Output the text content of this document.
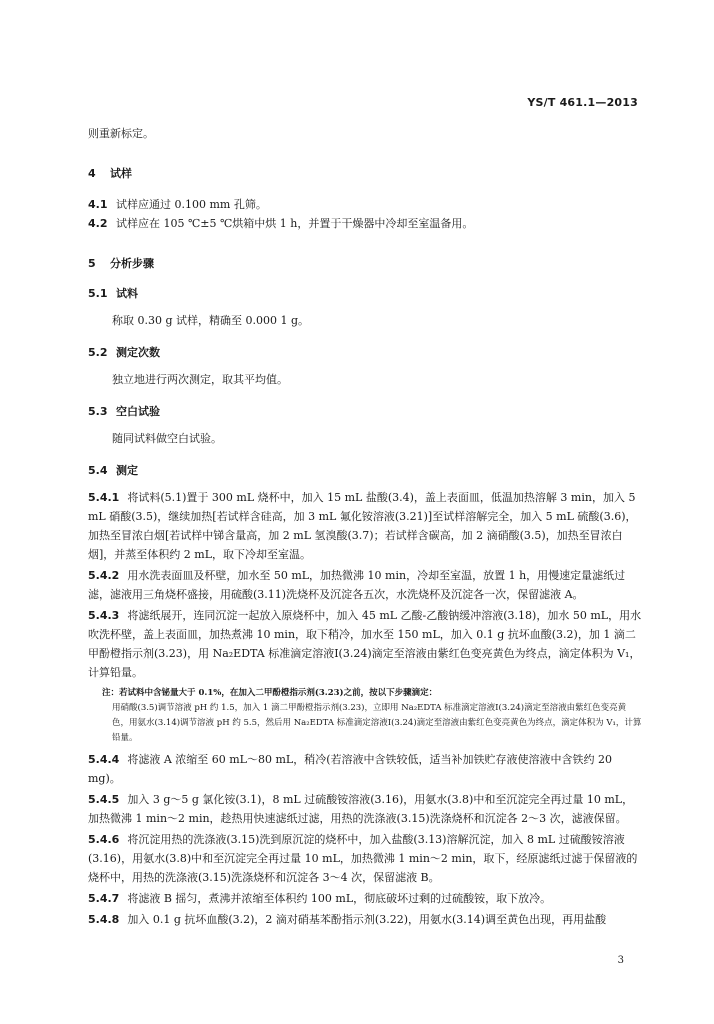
YS/T 461.1—2013

则重新标定。

4 试样

4.1 试样应通过 0.100 mm 孔筛。

4.2 试样应在 105 ℃±5 ℃烘箱中烘 1 h，并置于干燥器中冷却至室温备用。

5 分析步骤
5.1 试料

称取 0.30 g 试样，精确至 0.000 1 g。

5.2 测定次数

独立地进行两次测定，取其平均值。

5.3 空白试验

随同试料做空白试验。

5.4 测定

5.4.1 将试料(5.1)置于 300 mL 烧杯中，加入 15 mL 盐酸(3.4)，盖上表面皿，低温加热溶解 3 min，加入 5 mL 硝酸(3.5)，继续加热[若试样含硅高，加 3 mL 氟化铵溶液(3.21)]至试样溶解完全，加入 5 mL 硫酸(3.6)，加热至冒浓白烟[若试样中锑含量高，加 2 mL 氢溴酸(3.7)；若试样含碳高，加 2 滴硝酸(3.5)，加热至冒浓白烟]，并蒸至体积约 2 mL，取下冷却至室温。

5.4.2 用水洗表面皿及杯壁，加水至 50 mL，加热微沸 10 min，冷却至室温，放置 1 h，用慢速定量滤纸过滤，滤液用三角烧杯盛接，用硫酸(3.11)洗烧杯及沉淀各五次，水洗烧杯及沉淀各一次，保留滤液 A。

5.4.3 将滤纸展开，连同沉淀一起放入原烧杯中，加入 45 mL 乙酸-乙酸钠缓冲溶液(3.18)，加水 50 mL，用水吹洗杯壁，盖上表面皿，加热煮沸 10 min，取下稍冷，加水至 150 mL，加入 0.1 g 抗坏血酸(3.2)，加 1 滴二甲酚橙指示剂(3.23)，用 Na₂EDTA 标准滴定溶液Ⅰ(3.24)滴定至溶液由紫红色变亮黄色为终点，滴定体积为 V₁，计算铅量。

注：若试料中含铋量大于 0.1%，在加入二甲酚橙指示剂(3.23)之前，按以下步骤滴定：
用硝酸(3.5)调节溶液 pH 约 1.5，加入 1 滴二甲酚橙指示剂(3.23)，立即用 Na₂EDTA 标准滴定溶液Ⅰ(3.24)滴定至溶液由紫红色变亮黄色，用氨水(3.14)调节溶液 pH 约 5.5，然后用 Na₂EDTA 标准滴定溶液Ⅰ(3.24)滴定至溶液由紫红色变亮黄色为终点，滴定体积为 V₁，计算铅量。

5.4.4 将滤液 A 浓缩至 60 mL～80 mL，稍冷(若溶液中含铁较低，适当补加铁贮存液使溶液中含铁约 20 mg)。

5.4.5 加入 3 g～5 g 氯化铵(3.1)，8 mL 过硫酸铵溶液(3.16)，用氨水(3.8)中和至沉淀完全再过量 10 mL，加热微沸 1 min～2 min，趁热用快速滤纸过滤，用热的洗涤液(3.15)洗涤烧杯和沉淀各 2～3 次，滤液保留。

5.4.6 将沉淀用热的洗涤液(3.15)洗到原沉淀的烧杯中，加入盐酸(3.13)溶解沉淀，加入 8 mL 过硫酸铵溶液(3.16)，用氨水(3.8)中和至沉淀完全再过量 10 mL，加热微沸 1 min～2 min，取下，经原滤纸过滤于保留液的烧杯中，用热的洗涤液(3.15)洗涤烧杯和沉淀各 3～4 次，保留滤液 B。

5.4.7 将滤液 B 摇匀，煮沸并浓缩至体积约 100 mL，彻底破坏过剩的过硫酸铵，取下放冷。

5.4.8 加入 0.1 g 抗坏血酸(3.2)，2 滴对硝基苯酚指示剂(3.22)，用氨水(3.14)调至黄色出现，再用盐酸

3
